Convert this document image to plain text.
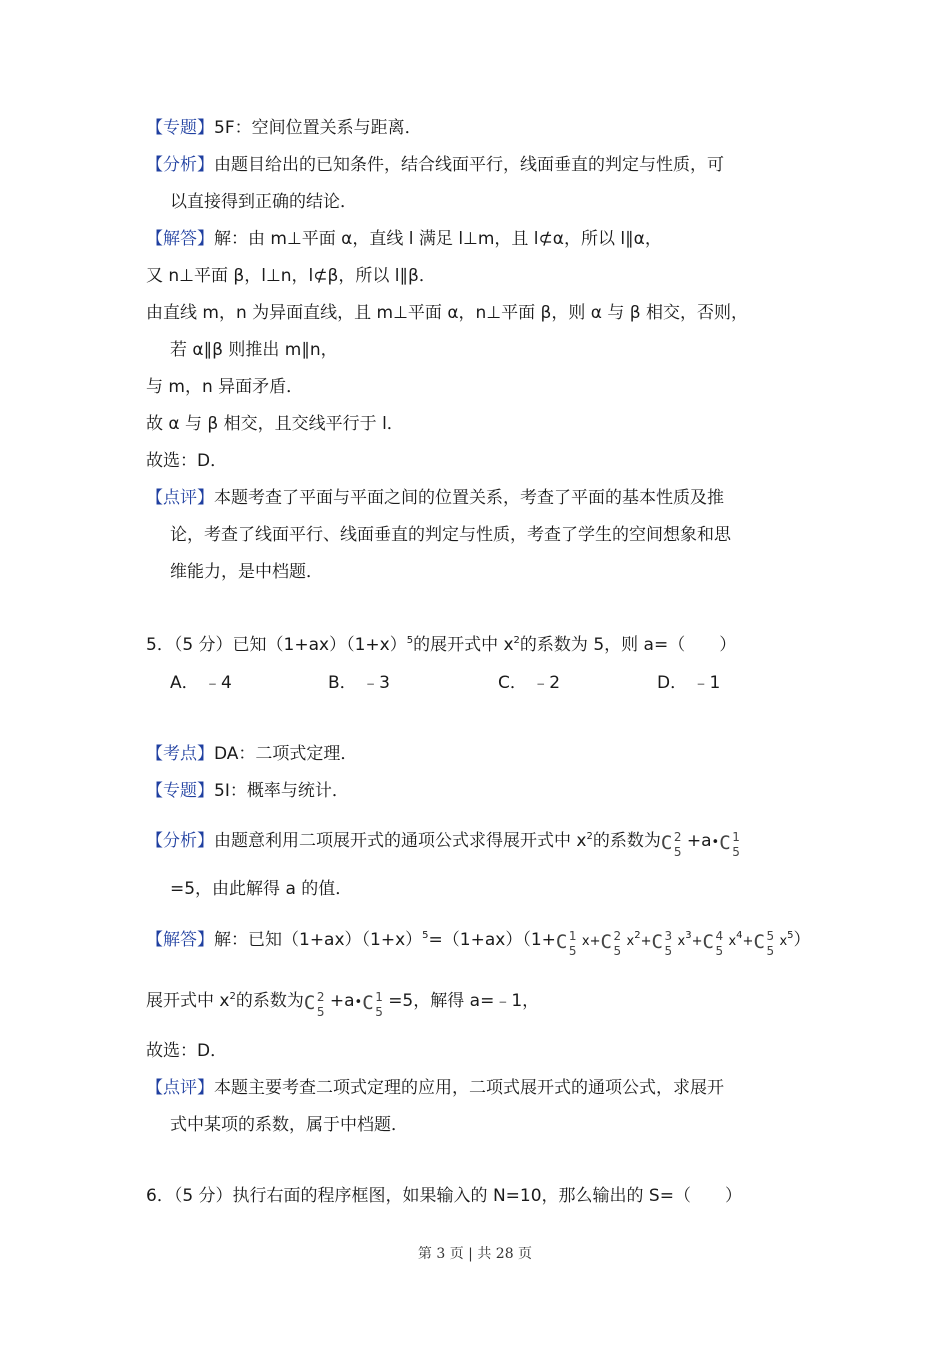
【专题】5F：空间位置关系与距离．
【分析】由题目给出的已知条件，结合线面平行，线面垂直的判定与性质，可
以直接得到正确的结论．
【解答】解：由 m⊥平面 α，直线 l 满足 l⊥m，且 l⊄α，所以 l∥α，
又 n⊥平面 β，l⊥n，l⊄β，所以 l∥β．
由直线 m，n 为异面直线，且 m⊥平面 α，n⊥平面 β，则 α 与 β 相交，否则，
若 α∥β 则推出 m∥n，
与 m，n 异面矛盾．
故 α 与 β 相交，且交线平行于 l．
故选：D．
【点评】本题考查了平面与平面之间的位置关系，考查了平面的基本性质及推
论，考查了线面平行、线面垂直的判定与性质，考查了学生的空间想象和思
维能力，是中档题．
5．（5 分）已知$(1+ax)(1+x)^5$的展开式中 $x^2$的系数为 5，则 a=（　　）
A． ﹣4	B． ﹣3	C． ﹣2	D． ﹣1
【考点】DA：二项式定理．
【专题】5I：概率与统计．
【分析】由题意利用二项展开式的通项公式求得展开式中 $x^2$的系数为 C 2
5
+a• C 1
5
=5，由此解得 a 的值．
【解答】解：已知$(1+ax)(1+x)^5=(1+ax)(1+ C$ 1
5
x+ C 2
5
$x^2+ C$ 3
5
$x^3+ C$ 4
5
$x^4+ C$ 5
5
$x^5$）
展开式中 $x^2$的系数为 C 2
5
+a• C 1
5
=5，解得 a=﹣1，
故选：D．
【点评】本题主要考查二项式定理的应用，二项式展开式的通项公式，求展开
式中某项的系数，属于中档题．
6．（5 分）执行右面的程序框图，如果输入的 N=10，那么输出的 S=（　　）
第 3 页 | 共 28 页
